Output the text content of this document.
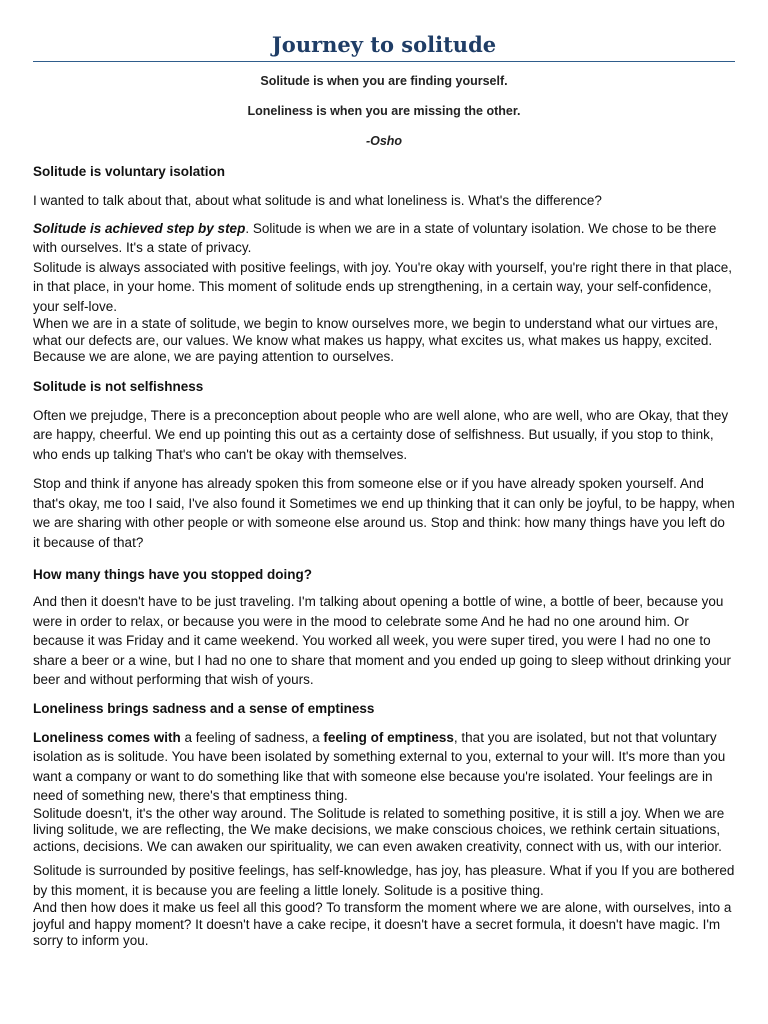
Journey to solitude

Solitude is when you are finding yourself.

Loneliness is when you are missing the other.

-Osho

Solitude is voluntary isolation

I wanted to talk about that, about what solitude is and what loneliness is. What's the difference?

Solitude is achieved step by step. Solitude is when we are in a state of voluntary isolation. We chose to be there with ourselves. It's a state of privacy.

Solitude is always associated with positive feelings, with joy. You're okay with yourself, you're right there in that place, in that place, in your home. This moment of solitude ends up strengthening, in a certain way, your self-confidence, your self-love.

When we are in a state of solitude, we begin to know ourselves more, we begin to understand what our virtues are, what our defects are, our values. We know what makes us happy, what excites us, what makes us happy, excited. Because we are alone, we are paying attention to ourselves.

Solitude is not selfishness

Often we prejudge, There is a preconception about people who are well alone, who are well, who are Okay, that they are happy, cheerful. We end up pointing this out as a certainty dose of selfishness. But usually, if you stop to think, who ends up talking That's who can't be okay with themselves.

Stop and think if anyone has already spoken this from someone else or if you have already spoken yourself. And that's okay, me too I said, I've also found it Sometimes we end up thinking that it can only be joyful, to be happy, when we are sharing with other people or with someone else around us. Stop and think: how many things have you left do it because of that?

How many things have you stopped doing?

And then it doesn't have to be just traveling. I'm talking about opening a bottle of wine, a bottle of beer, because you were in order to relax, or because you were in the mood to celebrate some And he had no one around him. Or because it was Friday and it came weekend. You worked all week, you were super tired, you were I had no one to share a beer or a wine, but I had no one to share that moment and you ended up going to sleep without drinking your beer and without performing that wish of yours.

Loneliness brings sadness and a sense of emptiness

Loneliness comes with a feeling of sadness, a feeling of emptiness, that you are isolated, but not that voluntary isolation as is solitude. You have been isolated by something external to you, external to your will. It's more than you want a company or want to do something like that with someone else because you're isolated. Your feelings are in need of something new, there's that emptiness thing.

Solitude doesn't, it's the other way around. The Solitude is related to something positive, it is still a joy. When we are living solitude, we are reflecting, the We make decisions, we make conscious choices, we rethink certain situations, actions, decisions. We can awaken our spirituality, we can even awaken creativity, connect with us, with our interior.

Solitude is surrounded by positive feelings, has self-knowledge, has joy, has pleasure. What if you If you are bothered by this moment, it is because you are feeling a little lonely. Solitude is a positive thing.

And then how does it make us feel all this good? To transform the moment where we are alone, with ourselves, into a joyful and happy moment? It doesn't have a cake recipe, it doesn't have a secret formula, it doesn't have magic. I'm sorry to inform you.
